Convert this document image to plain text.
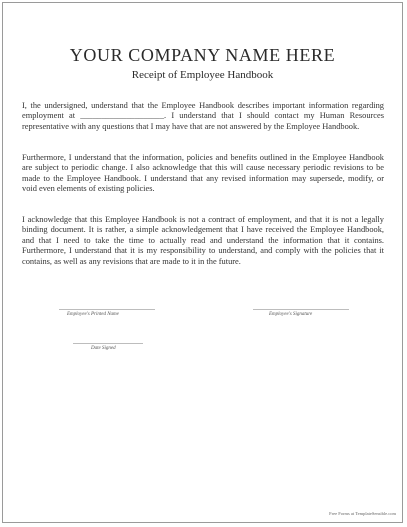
YOUR COMPANY NAME HERE
Receipt of Employee Handbook

I, the undersigned, understand that the Employee Handbook describes important information regarding employment at ____________________. I understand that I should contact my Human Resources representative with any questions that I may have that are not answered by the Employee Handbook.

Furthermore, I understand that the information, policies and benefits outlined in the Employee Handbook are subject to periodic change. I also acknowledge that this will cause necessary periodic revisions to be made to the Employee Handbook. I understand that any revised information may supersede, modify, or void even elements of existing policies.

I acknowledge that this Employee Handbook is not a contract of employment, and that it is not a legally binding document. It is rather, a simple acknowledgement that I have received the Employee Handbook, and that I need to take the time to actually read and understand the information that it contains. Furthermore, I understand that it is my responsibility to understand, and comply with the policies that it contains, as well as any revisions that are made to it in the future.

Employee's Printed Name	Employee's Signature
Date Signed
Free Forms at TemplateSensible.com
